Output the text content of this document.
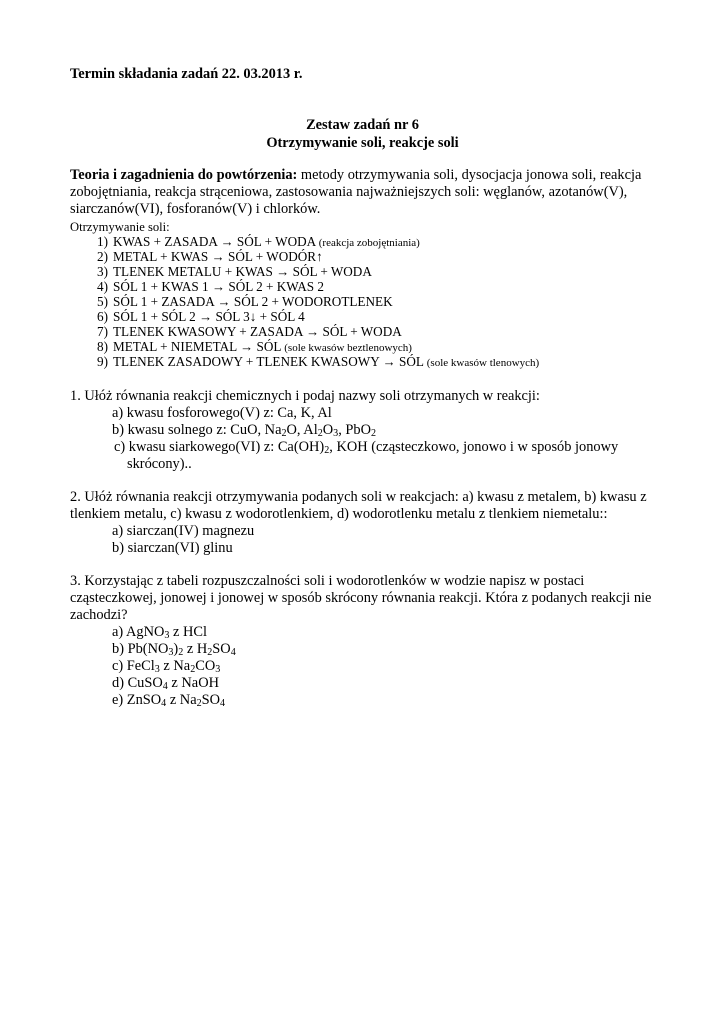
Termin składania zadań 22. 03.2013 r.
Zestaw zadań nr 6
Otrzymywanie soli, reakcje soli
Teoria i zagadnienia do powtórzenia: metody otrzymywania soli, dysocjacja jonowa soli, reakcja
zobojętniania, reakcja strąceniowa, zastosowania najważniejszych soli: węglanów, azotanów(V),
siarczanów(VI), fosforanów(V) i chlorków.
Otrzymywanie soli:
1) KWAS + ZASADA → SÓL + WODA (reakcja zobojętniania)
2) METAL + KWAS → SÓL + WODÓR↑
3) TLENEK METALU + KWAS → SÓL + WODA
4) SÓL 1 + KWAS 1 → SÓL 2 + KWAS 2
5) SÓL 1 + ZASADA → SÓL 2 + WODOROTLENEK
6) SÓL 1 + SÓL 2 → SÓL 3↓ + SÓL 4
7) TLENEK KWASOWY + ZASADA → SÓL + WODA
8) METAL + NIEMETAL → SÓL (sole kwasów beztlenowych)
9) TLENEK ZASADOWY + TLENEK KWASOWY → SÓL (sole kwasów tlenowych)
1. Ułóż równania reakcji chemicznych i podaj nazwy soli otrzymanych w reakcji:
a) kwasu fosforowego(V) z: Ca, K, Al
b) kwasu solnego z: CuO, $Na_2O$, $Al_2O_3$, PbO$_2$
c) kwasu siarkowego(VI) z: $Ca(OH)_2$, KOH (cząsteczkowo, jonowo i w sposób jonowy
skrócony)..
2. Ułóż równania reakcji otrzymywania podanych soli w reakcjach: a) kwasu z metalem, b) kwasu z
tlenkiem metalu, c) kwasu z wodorotlenkiem, d) wodorotlenku metalu z tlenkiem niemetalu::
a) siarczan(IV) magnezu
b) siarczan(VI) glinu
3. Korzystając z tabeli rozpuszczalności soli i wodorotlenków w wodzie napisz w postaci
cząsteczkowej, jonowej i jonowej w sposób skrócony równania reakcji. Która z podanych reakcji nie
zachodzi?
a) AgNO$_3$ z HCl
b) $Pb(NO_3)_2$ z $H_2SO_4$
c) FeCl$_3$ z $Na_2CO_3$
d) CuSO$_4$ z NaOH
e) ZnSO$_4$ z $Na_2SO_4$
